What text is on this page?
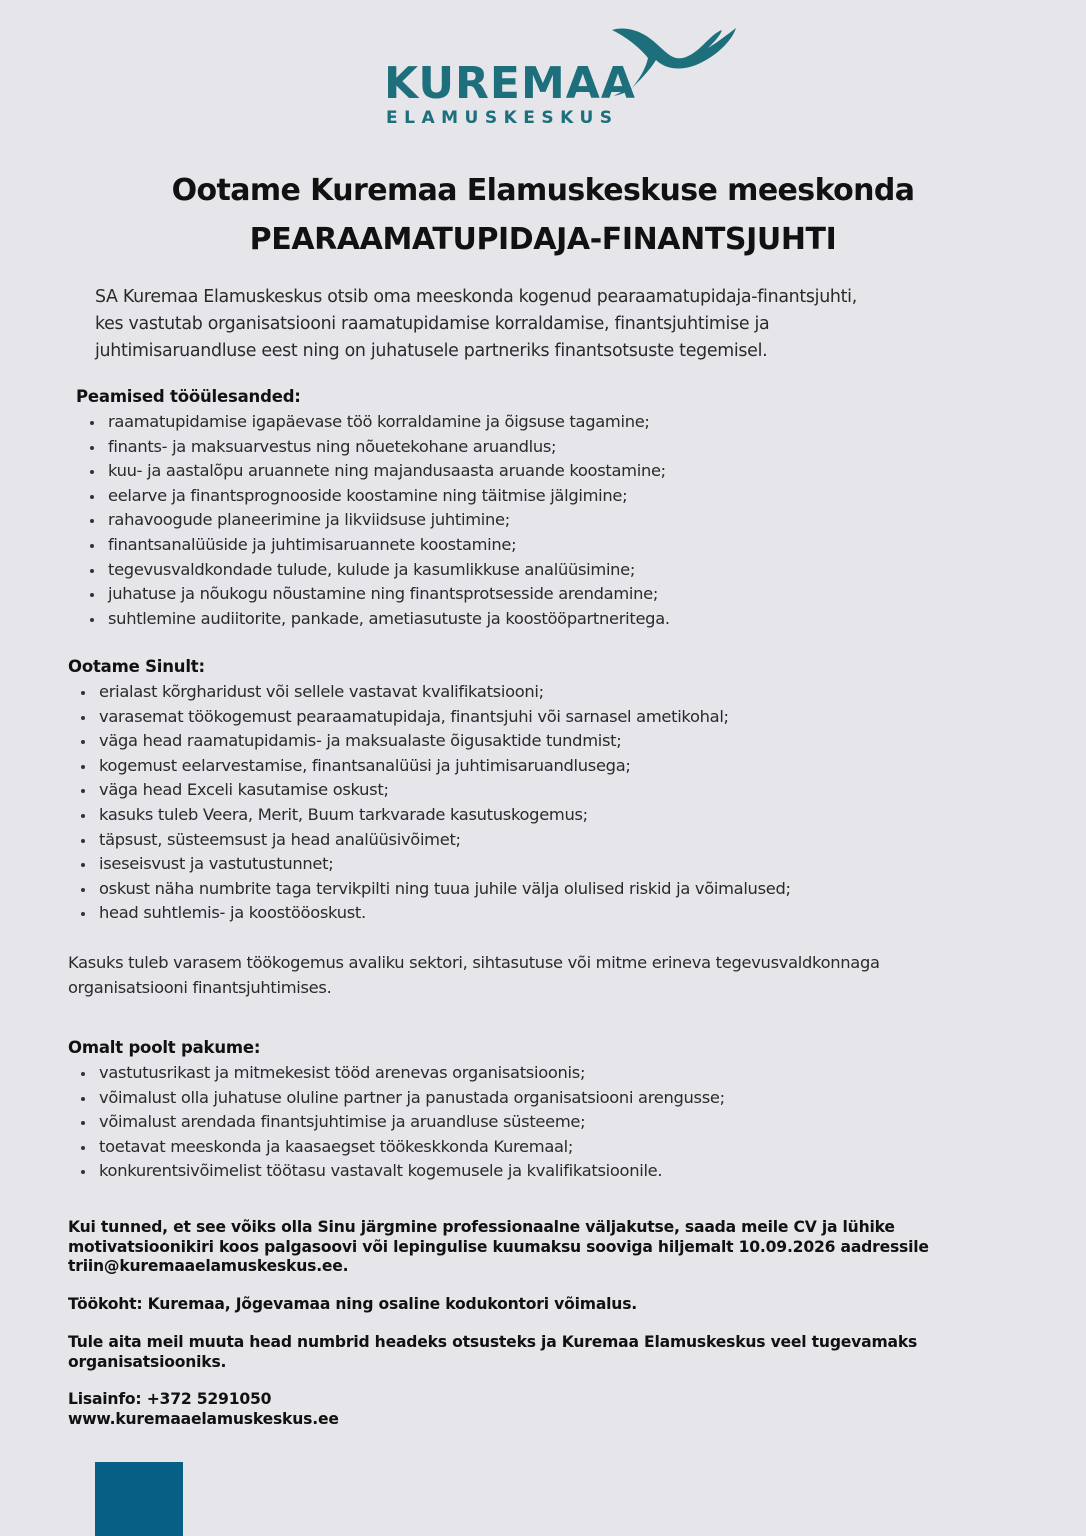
KUREMAA
ELAMUSKESKUS
Ootame Kuremaa Elamuskeskuse meeskonda
PEARAAMATUPIDAJA-FINANTSJUHTI
SA Kuremaa Elamuskeskus otsib oma meeskonda kogenud pearaamatupidaja-finantsjuhti,
kes vastutab organisatsiooni raamatupidamise korraldamise, finantsjuhtimise ja
juhtimisaruandluse eest ning on juhatusele partneriks finantsotsuste tegemisel.
Peamised tööülesanded:
raamatupidamise igapäevase töö korraldamine ja õigsuse tagamine;
finants- ja maksuarvestus ning nõuetekohane aruandlus;
kuu- ja aastalõpu aruannete ning majandusaasta aruande koostamine;
eelarve ja finantsprognooside koostamine ning täitmise jälgimine;
rahavoogude planeerimine ja likviidsuse juhtimine;
finantsanalüüside ja juhtimisaruannete koostamine;
tegevusvaldkondade tulude, kulude ja kasumlikkuse analüüsimine;
juhatuse ja nõukogu nõustamine ning finantsprotsesside arendamine;
suhtlemine audiitorite, pankade, ametiasutuste ja koostööpartneritega.
Ootame Sinult:
erialast kõrgharidust või sellele vastavat kvalifikatsiooni;
varasemat töökogemust pearaamatupidaja, finantsjuhi või sarnasel ametikohal;
väga head raamatupidamis- ja maksualaste õigusaktide tundmist;
kogemust eelarvestamise, finantsanalüüsi ja juhtimisaruandlusega;
väga head Exceli kasutamise oskust;
kasuks tuleb Veera, Merit, Buum tarkvarade kasutuskogemus;
täpsust, süsteemsust ja head analüüsivõimet;
iseseisvust ja vastutustunnet;
oskust näha numbrite taga tervikpilti ning tuua juhile välja olulised riskid ja võimalused;
head suhtlemis- ja koostööoskust.
Kasuks tuleb varasem töökogemus avaliku sektori, sihtasutuse või mitme erineva tegevusvaldkonnaga
organisatsiooni finantsjuhtimises.
Omalt poolt pakume:
vastutusrikast ja mitmekesist tööd arenevas organisatsioonis;
võimalust olla juhatuse oluline partner ja panustada organisatsiooni arengusse;
võimalust arendada finantsjuhtimise ja aruandluse süsteeme;
toetavat meeskonda ja kaasaegset töökeskkonda Kuremaal;
konkurentsivõimelist töötasu vastavalt kogemusele ja kvalifikatsioonile.
Kui tunned, et see võiks olla Sinu järgmine professionaalne väljakutse, saada meile CV ja lühike
motivatsioonikiri koos palgasoovi või lepingulise kuumaksu sooviga hiljemalt 10.09.2026 aadressile
triin@kuremaaelamuskeskus.ee.
Töökoht: Kuremaa, Jõgevamaa ning osaline kodukontori võimalus.
Tule aita meil muuta head numbrid headeks otsusteks ja Kuremaa Elamuskeskus veel tugevamaks
organisatsiooniks.
Lisainfo: +372 5291050
www.kuremaaelamuskeskus.ee
